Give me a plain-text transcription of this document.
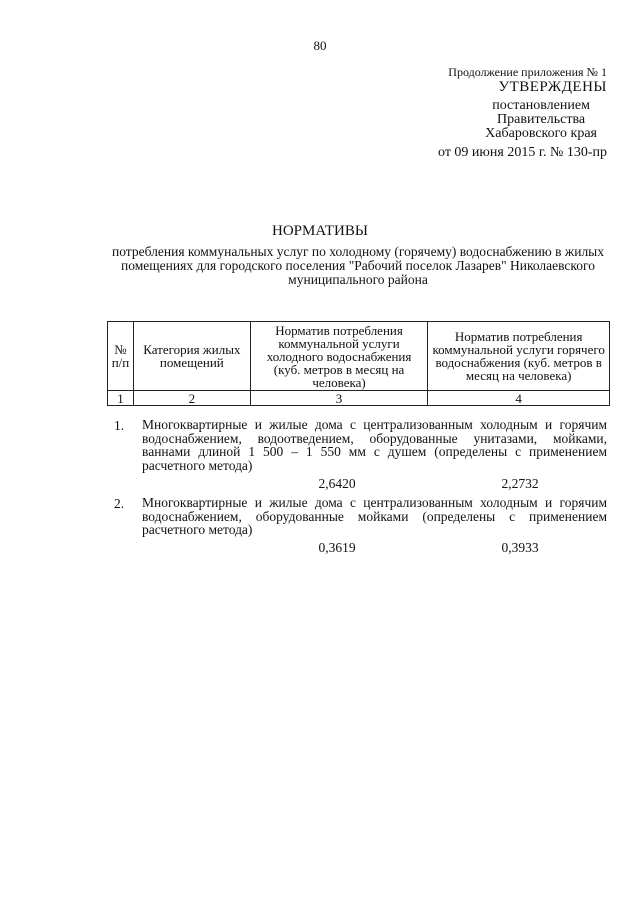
80
Продолжение приложения № 1
УТВЕРЖДЕНЫ
постановлением
Правительства
Хабаровского края
от 09 июня 2015 г. № 130-пр
НОРМАТИВЫ
потребления коммунальных услуг по холодному (горячему) водоснабжению в жилых помещениях для городского поселения "Рабочий поселок Лазарев" Николаевского муниципального района
№ п/п	Категория жилых помещений	Норматив потребления коммунальной услуги холодного водоснабжения (куб. метров в месяц на человека)	Норматив потребления коммунальной услуги горячего водоснабжения (куб. метров в месяц на человека)
1	2	3	4
1. Многоквартирные и жилые дома с централизованным холодным и горячим водоснабжением, водоотведением, оборудованные унитазами, мойками, ваннами длиной 1 500 – 1 550 мм с душем (определены с применением расчетного метода)
2,6420	2,2732
2. Многоквартирные и жилые дома с централизованным холодным и горячим водоснабжением, оборудованные мойками (определены с применением расчетного метода)
0,3619	0,3933
